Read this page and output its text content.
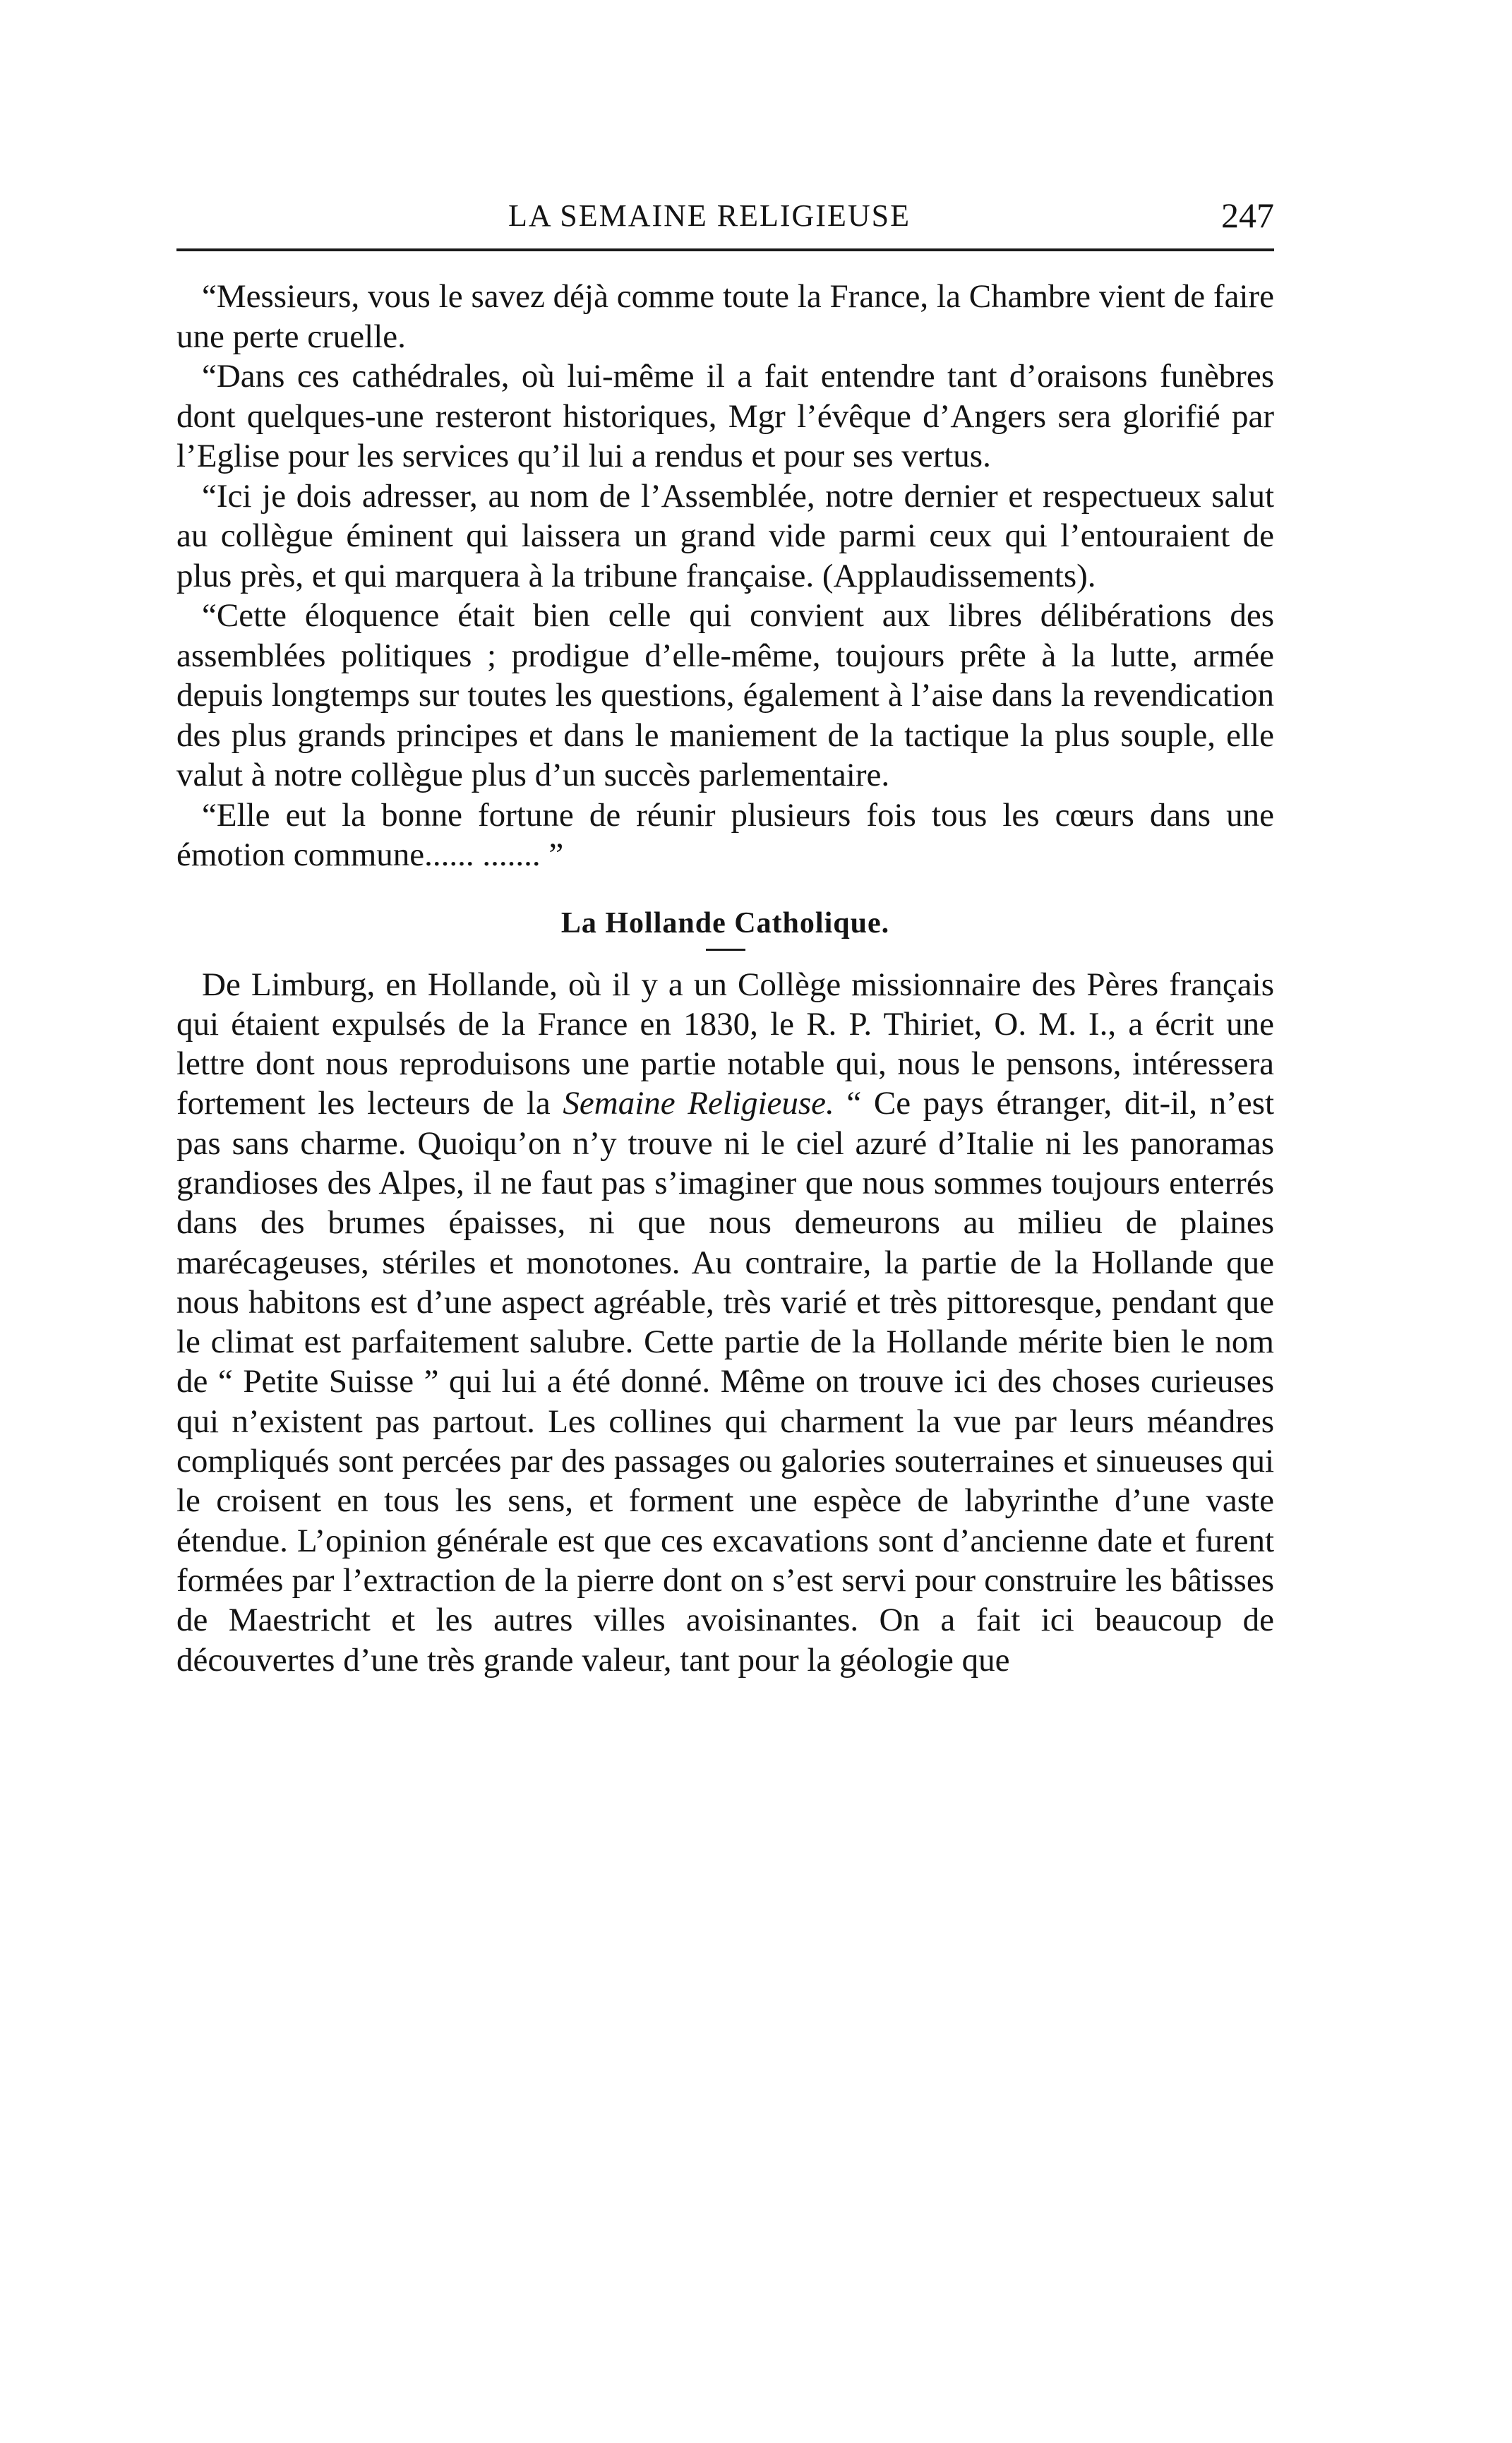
LA SEMAINE RELIGIEUSE	247

“Messieurs, vous le savez déjà comme toute la France, la Chambre vient de faire une perte cruelle.

“Dans ces cathédrales, où lui-même il a fait entendre tant d’oraisons funèbres dont quelques-une resteront historiques, Mgr l’évêque d’Angers sera glorifié par l’Eglise pour les services qu’il lui a rendus et pour ses vertus.

“Ici je dois adresser, au nom de l’Assemblée, notre dernier et respectueux salut au collègue éminent qui laissera un grand vide parmi ceux qui l’entouraient de plus près, et qui marquera à la tribune française. (Applaudissements).

“Cette éloquence était bien celle qui convient aux libres délibérations des assemblées politiques ; prodigue d’elle-même, toujours prête à la lutte, armée depuis longtemps sur toutes les questions, également à l’aise dans la revendication des plus grands principes et dans le maniement de la tactique la plus souple, elle valut à notre collègue plus d’un succès parlementaire.

“Elle eut la bonne fortune de réunir plusieurs fois tous les cœurs dans une émotion commune...... ....... ”

La Hollande Catholique.

De Limburg, en Hollande, où il y a un Collège missionnaire des Pères français qui étaient expulsés de la France en 1830, le R. P. Thiriet, O. M. I., a écrit une lettre dont nous reproduisons une partie notable qui, nous le pensons, intéressera fortement les lecteurs de la Semaine Religieuse. “ Ce pays étranger, dit-il, n’est pas sans charme. Quoiqu’on n’y trouve ni le ciel azuré d’Italie ni les panoramas grandioses des Alpes, il ne faut pas s’imaginer que nous sommes toujours enterrés dans des brumes épaisses, ni que nous demeurons au milieu de plaines marécageuses, stériles et monotones. Au contraire, la partie de la Hollande que nous habitons est d’une aspect agréable, très varié et très pittoresque, pendant que le climat est parfaitement salubre. Cette partie de la Hollande mérite bien le nom de “ Petite Suisse ” qui lui a été donné. Même on trouve ici des choses curieuses qui n’existent pas partout. Les collines qui charment la vue par leurs méandres compliqués sont percées par des passages ou galories souterraines et sinueuses qui le croisent en tous les sens, et forment une espèce de labyrinthe d’une vaste étendue. L’opinion générale est que ces excavations sont d’ancienne date et furent formées par l’extraction de la pierre dont on s’est servi pour construire les bâtisses de Maestricht et les autres villes avoisinantes. On a fait ici beaucoup de découvertes d’une très grande valeur, tant pour la géologie que
